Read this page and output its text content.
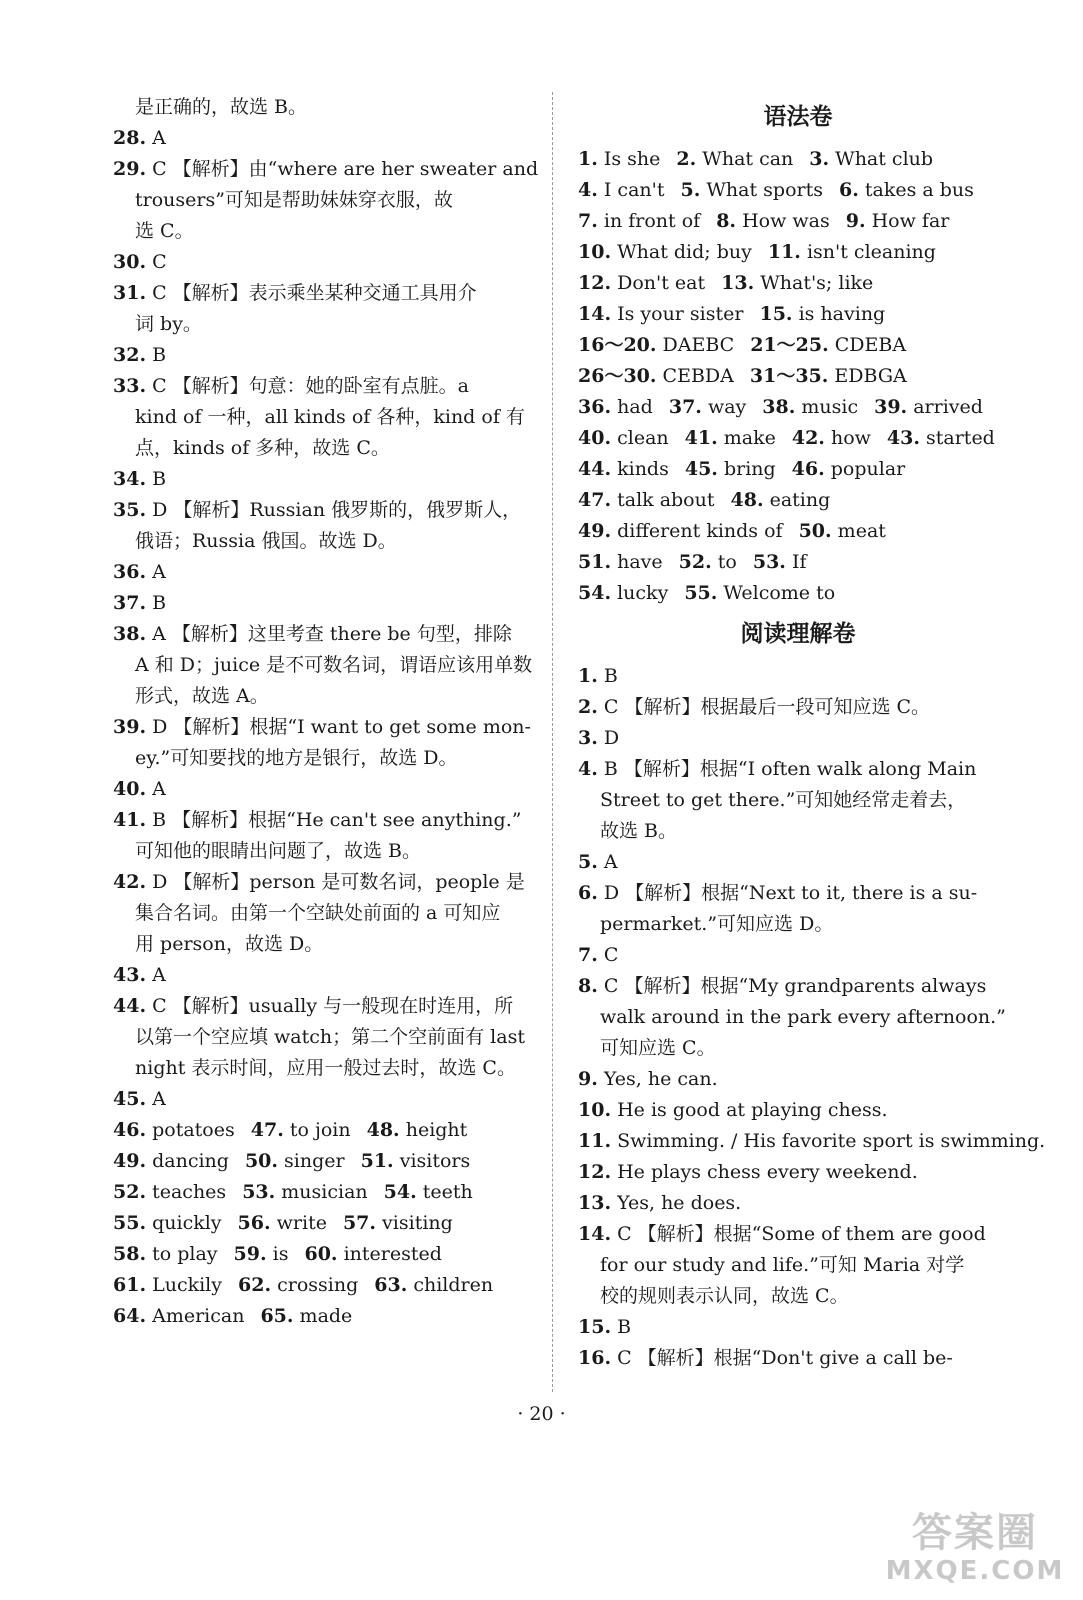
是正确的，故选 B。
28. A
29. C 【解析】由“where are her sweater and
trousers”可知是帮助妹妹穿衣服，故
选 C。
30. C
31. C 【解析】表示乘坐某种交通工具用介
词 by。
32. B
33. C 【解析】句意：她的卧室有点脏。a
kind of 一种，all kinds of 各种，kind of 有
点，kinds of 多种，故选 C。
34. B
35. D 【解析】Russian 俄罗斯的，俄罗斯人，
俄语；Russia 俄国。故选 D。
36. A
37. B
38. A 【解析】这里考查 there be 句型，排除
A 和 D；juice 是不可数名词，谓语应该用单数
形式，故选 A。
39. D 【解析】根据“I want to get some mon-
ey.”可知要找的地方是银行，故选 D。
40. A
41. B 【解析】根据“He can't see anything.”
可知他的眼睛出问题了，故选 B。
42. D 【解析】person 是可数名词，people 是
集合名词。由第一个空缺处前面的 a 可知应
用 person，故选 D。
43. A
44. C 【解析】usually 与一般现在时连用，所
以第一个空应填 watch；第二个空前面有 last
night 表示时间，应用一般过去时，故选 C。
45. A
46. potatoes 47. to join 48. height
49. dancing 50. singer 51. visitors
52. teaches 53. musician 54. teeth
55. quickly 56. write 57. visiting
58. to play 59. is 60. interested
61. Luckily 62. crossing 63. children
64. American 65. made
语法卷
1. Is she 2. What can 3. What club
4. I can't 5. What sports 6. takes a bus
7. in front of 8. How was 9. How far
10. What did; buy 11. isn't cleaning
12. Don't eat 13. What's; like
14. Is your sister 15. is having
16～20. DAEBC 21～25. CDEBA
26～30. CEBDA 31～35. EDBGA
36. had 37. way 38. music 39. arrived
40. clean 41. make 42. how 43. started
44. kinds 45. bring 46. popular
47. talk about 48. eating
49. different kinds of 50. meat
51. have 52. to 53. If
54. lucky 55. Welcome to
阅读理解卷
1. B
2. C 【解析】根据最后一段可知应选 C。
3. D
4. B 【解析】根据“I often walk along Main
Street to get there.”可知她经常走着去，
故选 B。
5. A
6. D 【解析】根据“Next to it, there is a su-
permarket.”可知应选 D。
7. C
8. C 【解析】根据“My grandparents always
walk around in the park every afternoon.”
可知应选 C。
9. Yes, he can.
10. He is good at playing chess.
11. Swimming. / His favorite sport is swimming.
12. He plays chess every weekend.
13. Yes, he does.
14. C 【解析】根据“Some of them are good
for our study and life.”可知 Maria 对学
校的规则表示认同，故选 C。
15. B
16. C 【解析】根据“Don't give a call be-
· 20 ·
答案圈
MXQE.COM
